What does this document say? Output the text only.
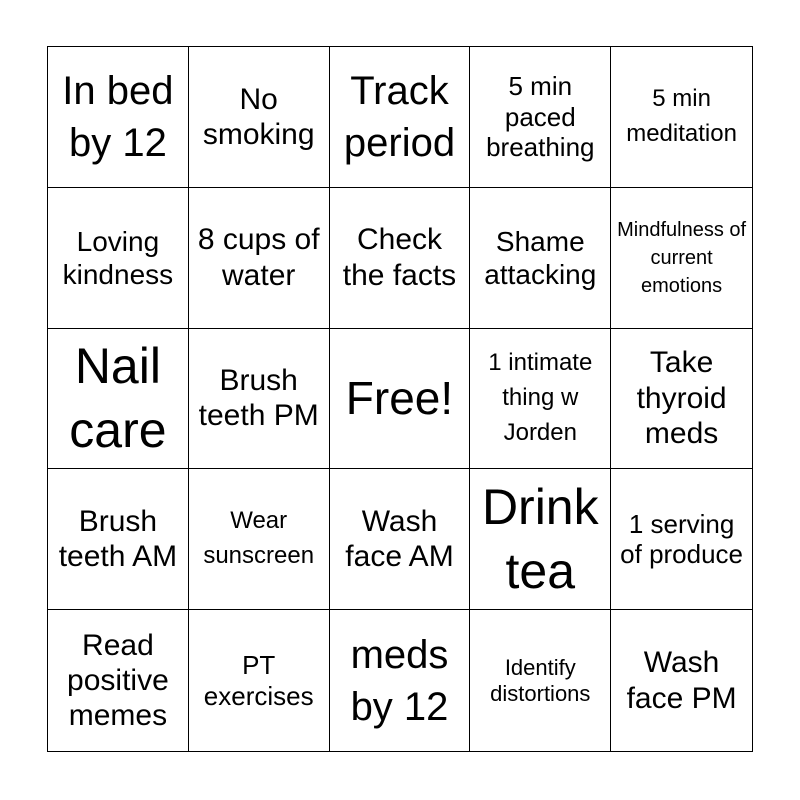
In bed by 12
No smoking
Track period
5 min paced breathing
5 min meditation
Loving kindness
8 cups of water
Check the facts
Shame attacking
Mindfulness of current emotions
Nail care
Brush teeth PM Free!
1 intimate thing w Jorden
Take thyroid meds
Brush teeth AM
Wear sunscreen
Wash face AM
Drink tea
1 serving of produce
Read positive memes
PT exercises
meds by 12
Identify distortions
Wash face PM
